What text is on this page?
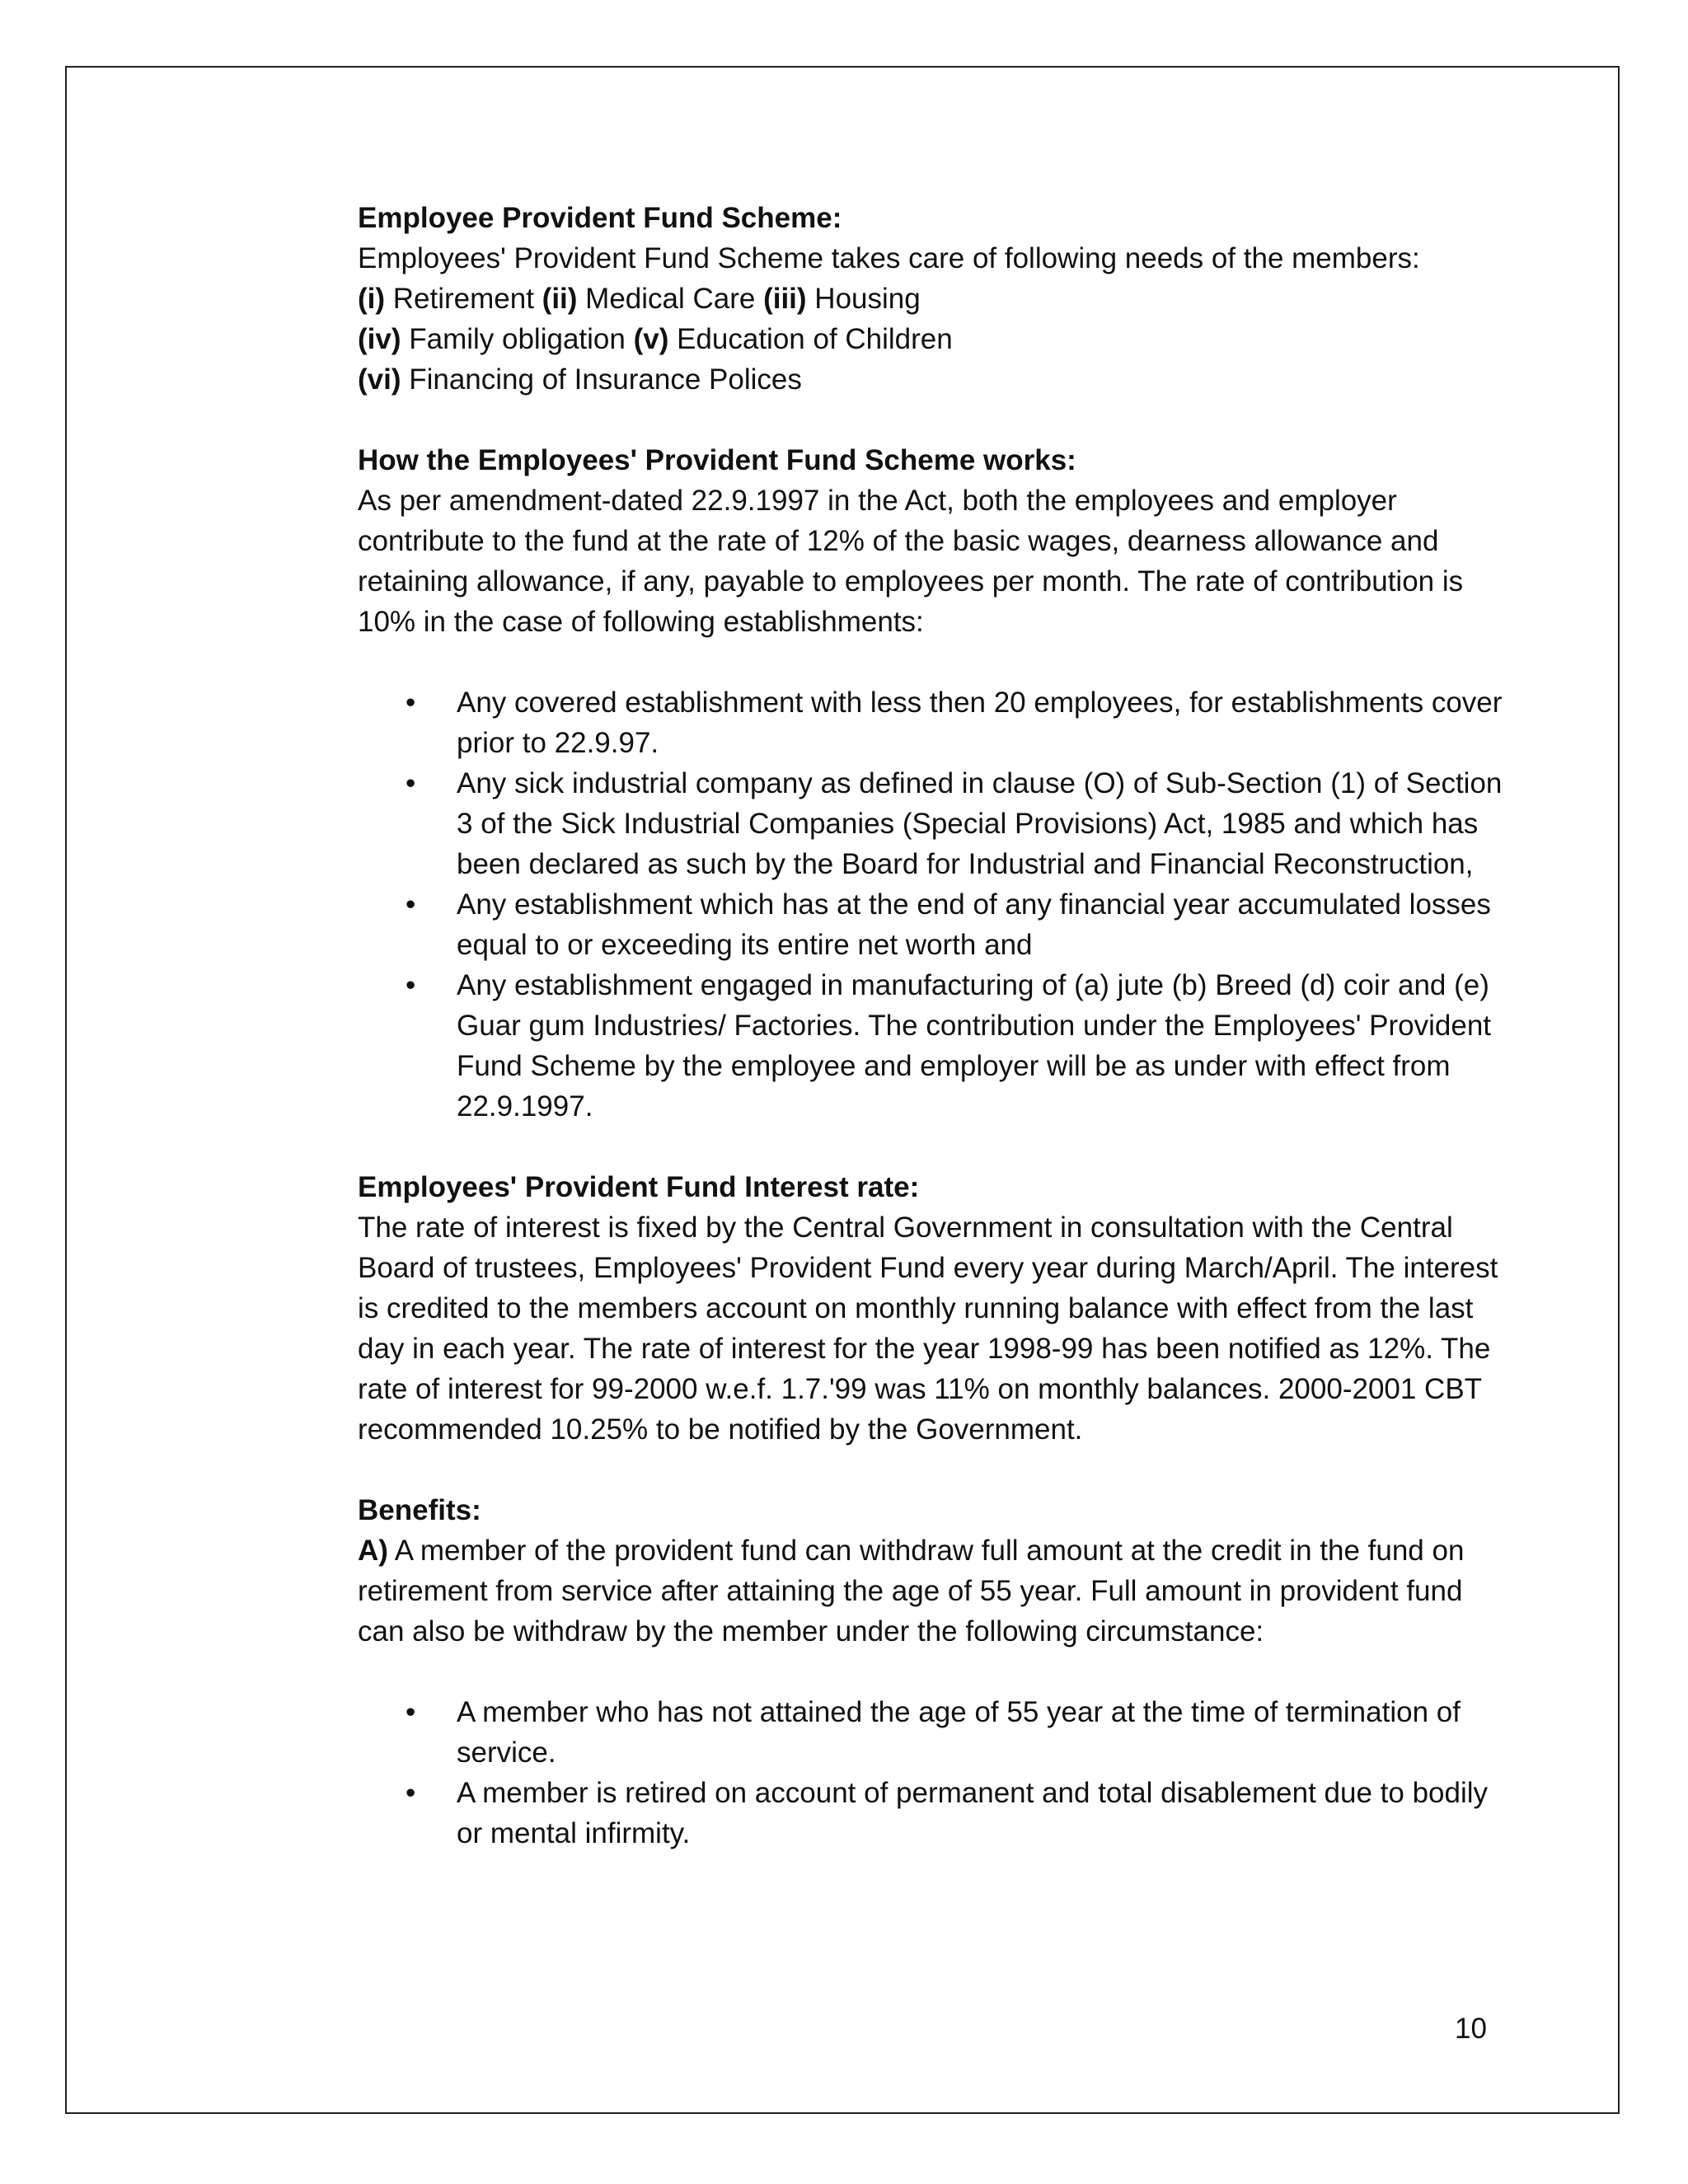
Employee Provident Fund Scheme:

Employees' Provident Fund Scheme takes care of following needs of the members:

(i) Retirement (ii) Medical Care (iii) Housing

(iv) Family obligation (v) Education of Children

(vi) Financing of Insurance Polices

How the Employees' Provident Fund Scheme works:

As per amendment-dated 22.9.1997 in the Act, both the employees and employer contribute to the fund at the rate of 12% of the basic wages, dearness allowance and retaining allowance, if any, payable to employees per month. The rate of contribution is 10% in the case of following establishments:

• Any covered establishment with less then 20 employees, for establishments cover prior to 22.9.97.
• Any sick industrial company as defined in clause (O) of Sub-Section (1) of Section 3 of the Sick Industrial Companies (Special Provisions) Act, 1985 and which has been declared as such by the Board for Industrial and Financial Reconstruction,
• Any establishment which has at the end of any financial year accumulated losses equal to or exceeding its entire net worth and
• Any establishment engaged in manufacturing of (a) jute (b) Breed (d) coir and (e) Guar gum Industries/ Factories. The contribution under the Employees' Provident Fund Scheme by the employee and employer will be as under with effect from 22.9.1997.

Employees' Provident Fund Interest rate:

The rate of interest is fixed by the Central Government in consultation with the Central Board of trustees, Employees' Provident Fund every year during March/April. The interest is credited to the members account on monthly running balance with effect from the last day in each year. The rate of interest for the year 1998-99 has been notified as 12%. The rate of interest for 99-2000 w.e.f. 1.7.'99 was 11% on monthly balances. 2000-2001 CBT recommended 10.25% to be notified by the Government.

Benefits:

A) A member of the provident fund can withdraw full amount at the credit in the fund on retirement from service after attaining the age of 55 year. Full amount in provident fund can also be withdraw by the member under the following circumstance:

• A member who has not attained the age of 55 year at the time of termination of service.
• A member is retired on account of permanent and total disablement due to bodily or mental infirmity.
10
